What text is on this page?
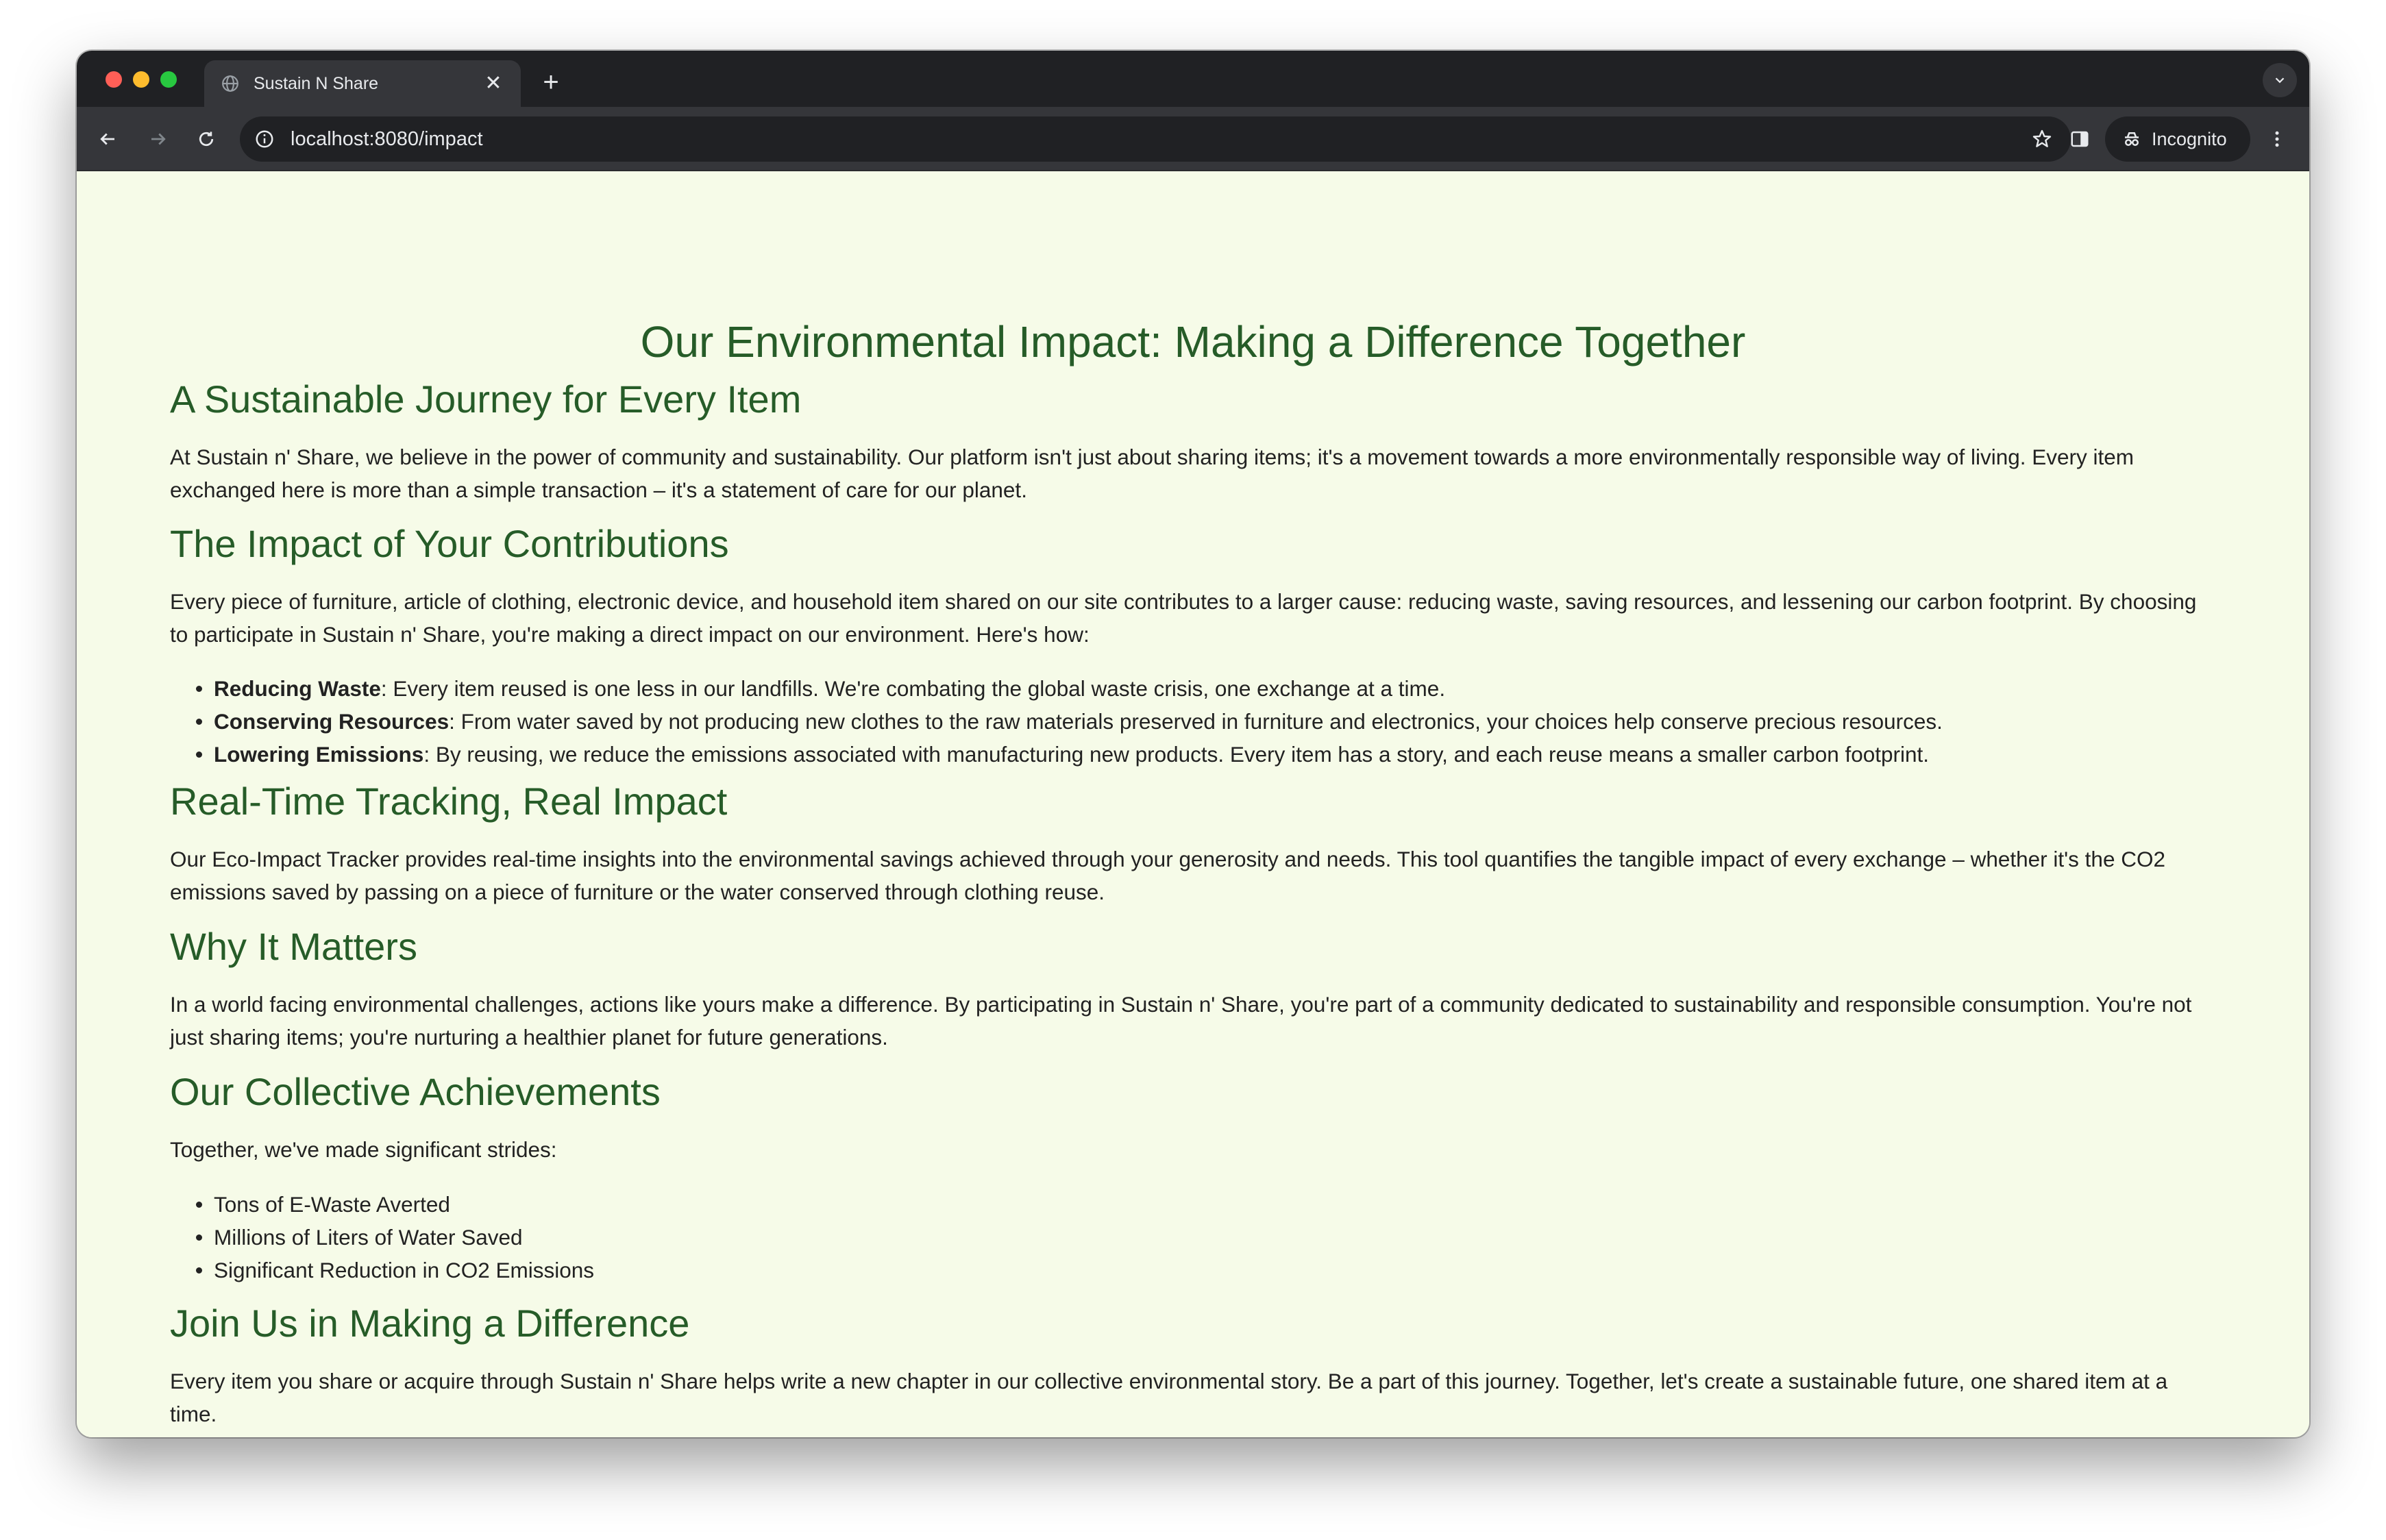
Sustain N Share	✕ +
localhost:8080/impact	Incognito
Our Environmental Impact: Making a Difference Together
A Sustainable Journey for Every Item

At Sustain n' Share, we believe in the power of community and sustainability. Our platform isn't just about sharing items; it's a movement towards a more environmentally responsible way of living. Every item exchanged here is more than a simple transaction – it's a statement of care for our planet.

The Impact of Your Contributions

Every piece of furniture, article of clothing, electronic device, and household item shared on our site contributes to a larger cause: reducing waste, saving resources, and lessening our carbon footprint. By choosing to participate in Sustain n' Share, you're making a direct impact on our environment. Here's how:

Reducing Waste: Every item reused is one less in our landfills. We're combating the global waste crisis, one exchange at a time.
Conserving Resources: From water saved by not producing new clothes to the raw materials preserved in furniture and electronics, your choices help conserve precious resources.
Lowering Emissions: By reusing, we reduce the emissions associated with manufacturing new products. Every item has a story, and each reuse means a smaller carbon footprint.
Real-Time Tracking, Real Impact

Our Eco-Impact Tracker provides real-time insights into the environmental savings achieved through your generosity and needs. This tool quantifies the tangible impact of every exchange – whether it's the CO2 emissions saved by passing on a piece of furniture or the water conserved through clothing reuse.

Why It Matters

In a world facing environmental challenges, actions like yours make a difference. By participating in Sustain n' Share, you're part of a community dedicated to sustainability and responsible consumption. You're not just sharing items; you're nurturing a healthier planet for future generations.

Our Collective Achievements

Together, we've made significant strides:

Tons of E-Waste Averted
Millions of Liters of Water Saved
Significant Reduction in CO2 Emissions
Join Us in Making a Difference

Every item you share or acquire through Sustain n' Share helps write a new chapter in our collective environmental story. Be a part of this journey. Together, let's create a sustainable future, one shared item at a time.
